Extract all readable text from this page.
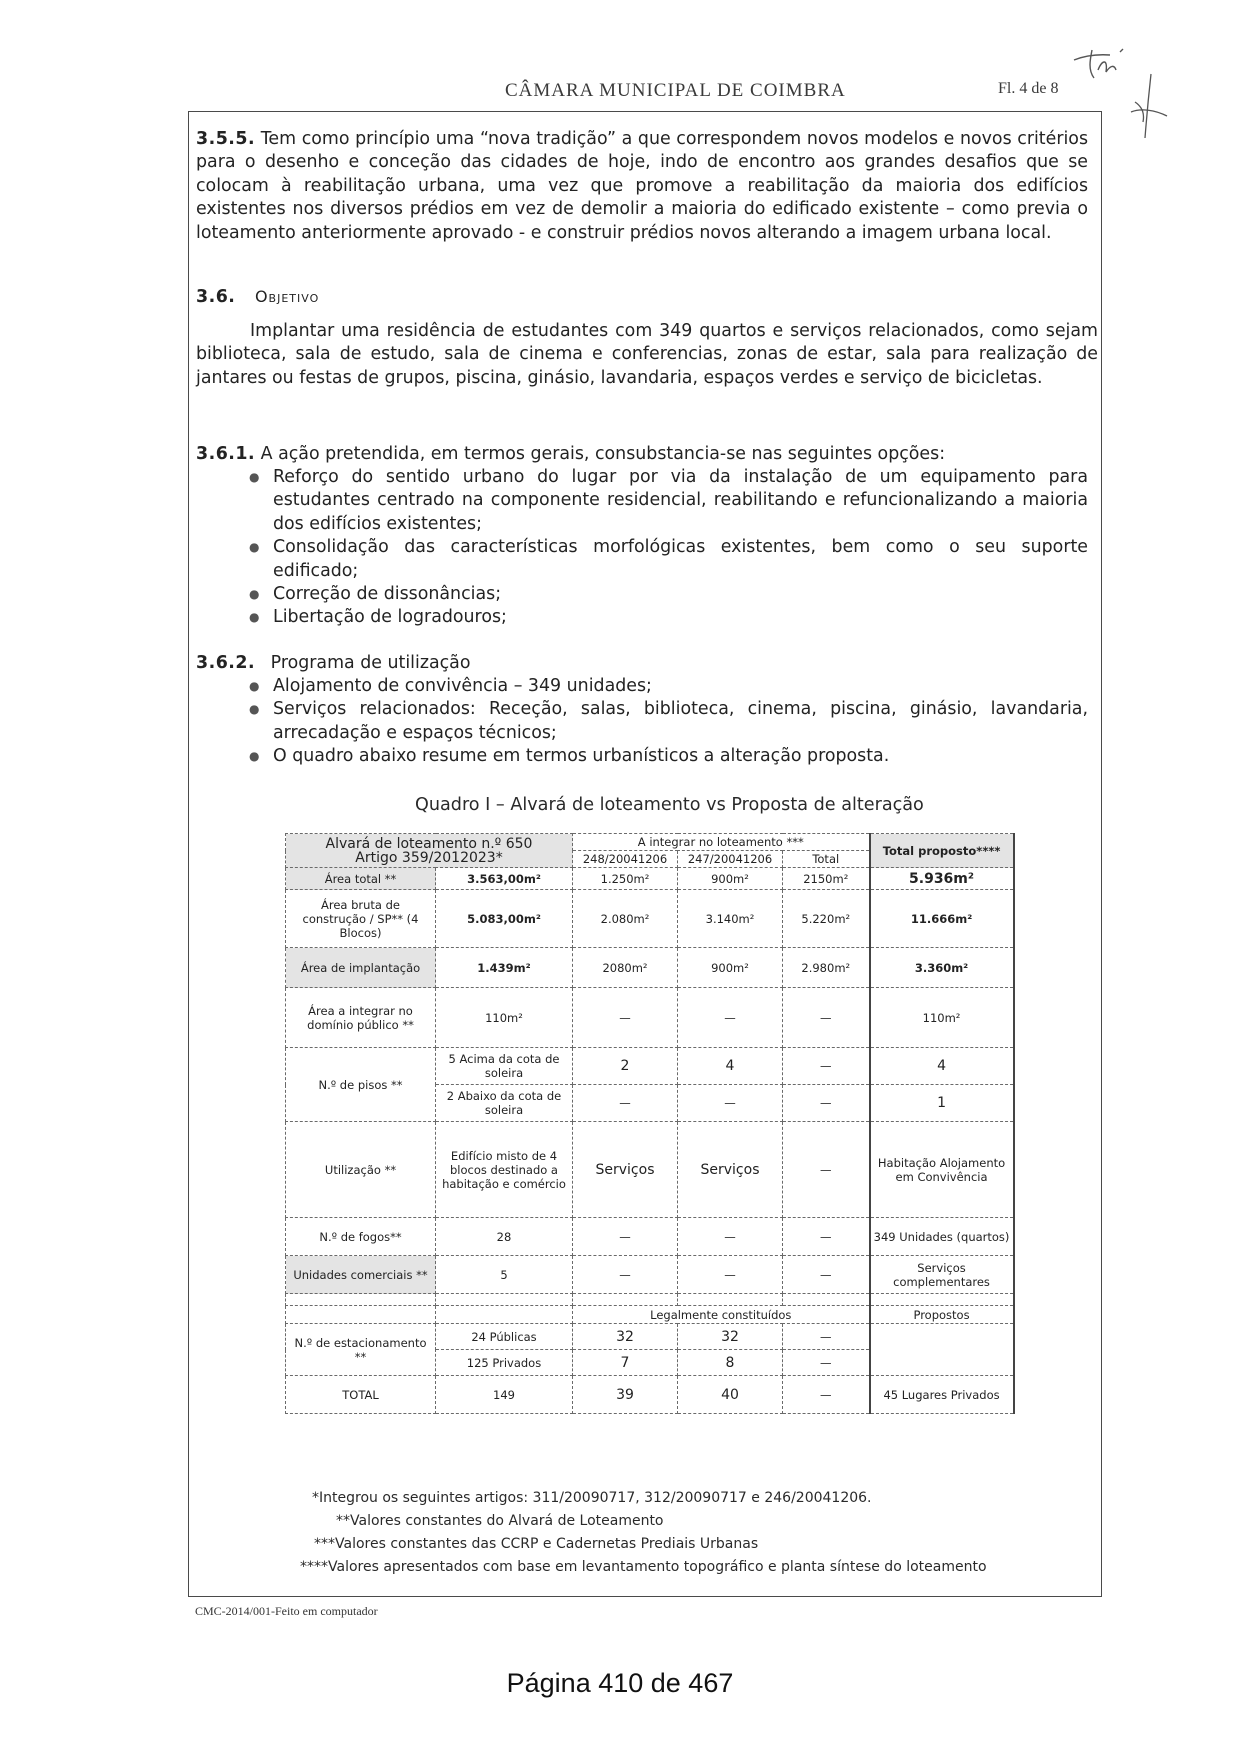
CÂMARA MUNICIPAL DE COIMBRA	Fl. 4 de 8
3.5.5. Tem como princípio uma “nova tradição” a que correspondem novos modelos e novos critérios para o desenho e conceção das cidades de hoje, indo de encontro aos grandes desafios que se colocam à reabilitação urbana, uma vez que promove a reabilitação da maioria dos edifícios existentes nos diversos prédios em vez de demolir a maioria do edificado existente – como previa o loteamento anteriormente aprovado - e construir prédios novos alterando a imagem urbana local.
3.6. Objetivo
Implantar uma residência de estudantes com 349 quartos e serviços relacionados, como sejam biblioteca, sala de estudo, sala de cinema e conferencias, zonas de estar, sala para realização de jantares ou festas de grupos, piscina, ginásio, lavandaria, espaços verdes e serviço de bicicletas.
3.6.1. A ação pretendida, em termos gerais, consubstancia-se nas seguintes opções:
● Reforço do sentido urbano do lugar por via da instalação de um equipamento para estudantes centrado na componente residencial, reabilitando e refuncionalizando a maioria dos edifícios existentes;
● Consolidação das características morfológicas existentes, bem como o seu suporte edificado;
● Correção de dissonâncias;
● Libertação de logradouros;
3.6.2. Programa de utilização
● Alojamento de convivência – 349 unidades;
● Serviços relacionados: Receção, salas, biblioteca, cinema, piscina, ginásio, lavandaria, arrecadação e espaços técnicos;
● O quadro abaixo resume em termos urbanísticos a alteração proposta.
Quadro I – Alvará de loteamento vs Proposta de alteração
Alvará de loteamento n.º 650
Artigo 359/2012023*		A integrar no loteamento ***			Total proposto****
		248/20041206	247/20041206	Total	
Área total **	3.563,00m²	1.250m²	900m²	2150m²	5.936m²
Área bruta de construção / SP** (4 Blocos)	5.083,00m²	2.080m²	3.140m²	5.220m²	11.666m²
Área de implantação	1.439m²	2080m²	900m²	2.980m²	3.360m²
Área a integrar no domínio público **	110m²	—	—	—	110m²
N.º de pisos **	5 Acima da cota de soleira	2	4	—	4
	2 Abaixo da cota de soleira	—	—	—	1
Utilização **	Edifício misto de 4 blocos destinado a habitação e comércio	Serviços	Serviços	—	Habitação Alojamento em Convivência
N.º de fogos**	28	—	—	—	349 Unidades (quartos)
Unidades comerciais **	5	—	—	—	Serviços complementares

		Legalmente constituídos			Propostos
N.º de estacionamento **	24 Públicas	32	32	—	
	125 Privados	7	8	—	
TOTAL	149	39	40	—	45 Lugares Privados
*Integrou os seguintes artigos: 311/20090717, 312/20090717 e 246/20041206.
**Valores constantes do Alvará de Loteamento
***Valores constantes das CCRP e Cadernetas Prediais Urbanas
****Valores apresentados com base em levantamento topográfico e planta síntese do loteamento
CMC-2014/001-Feito em computador
Página 410 de 467
